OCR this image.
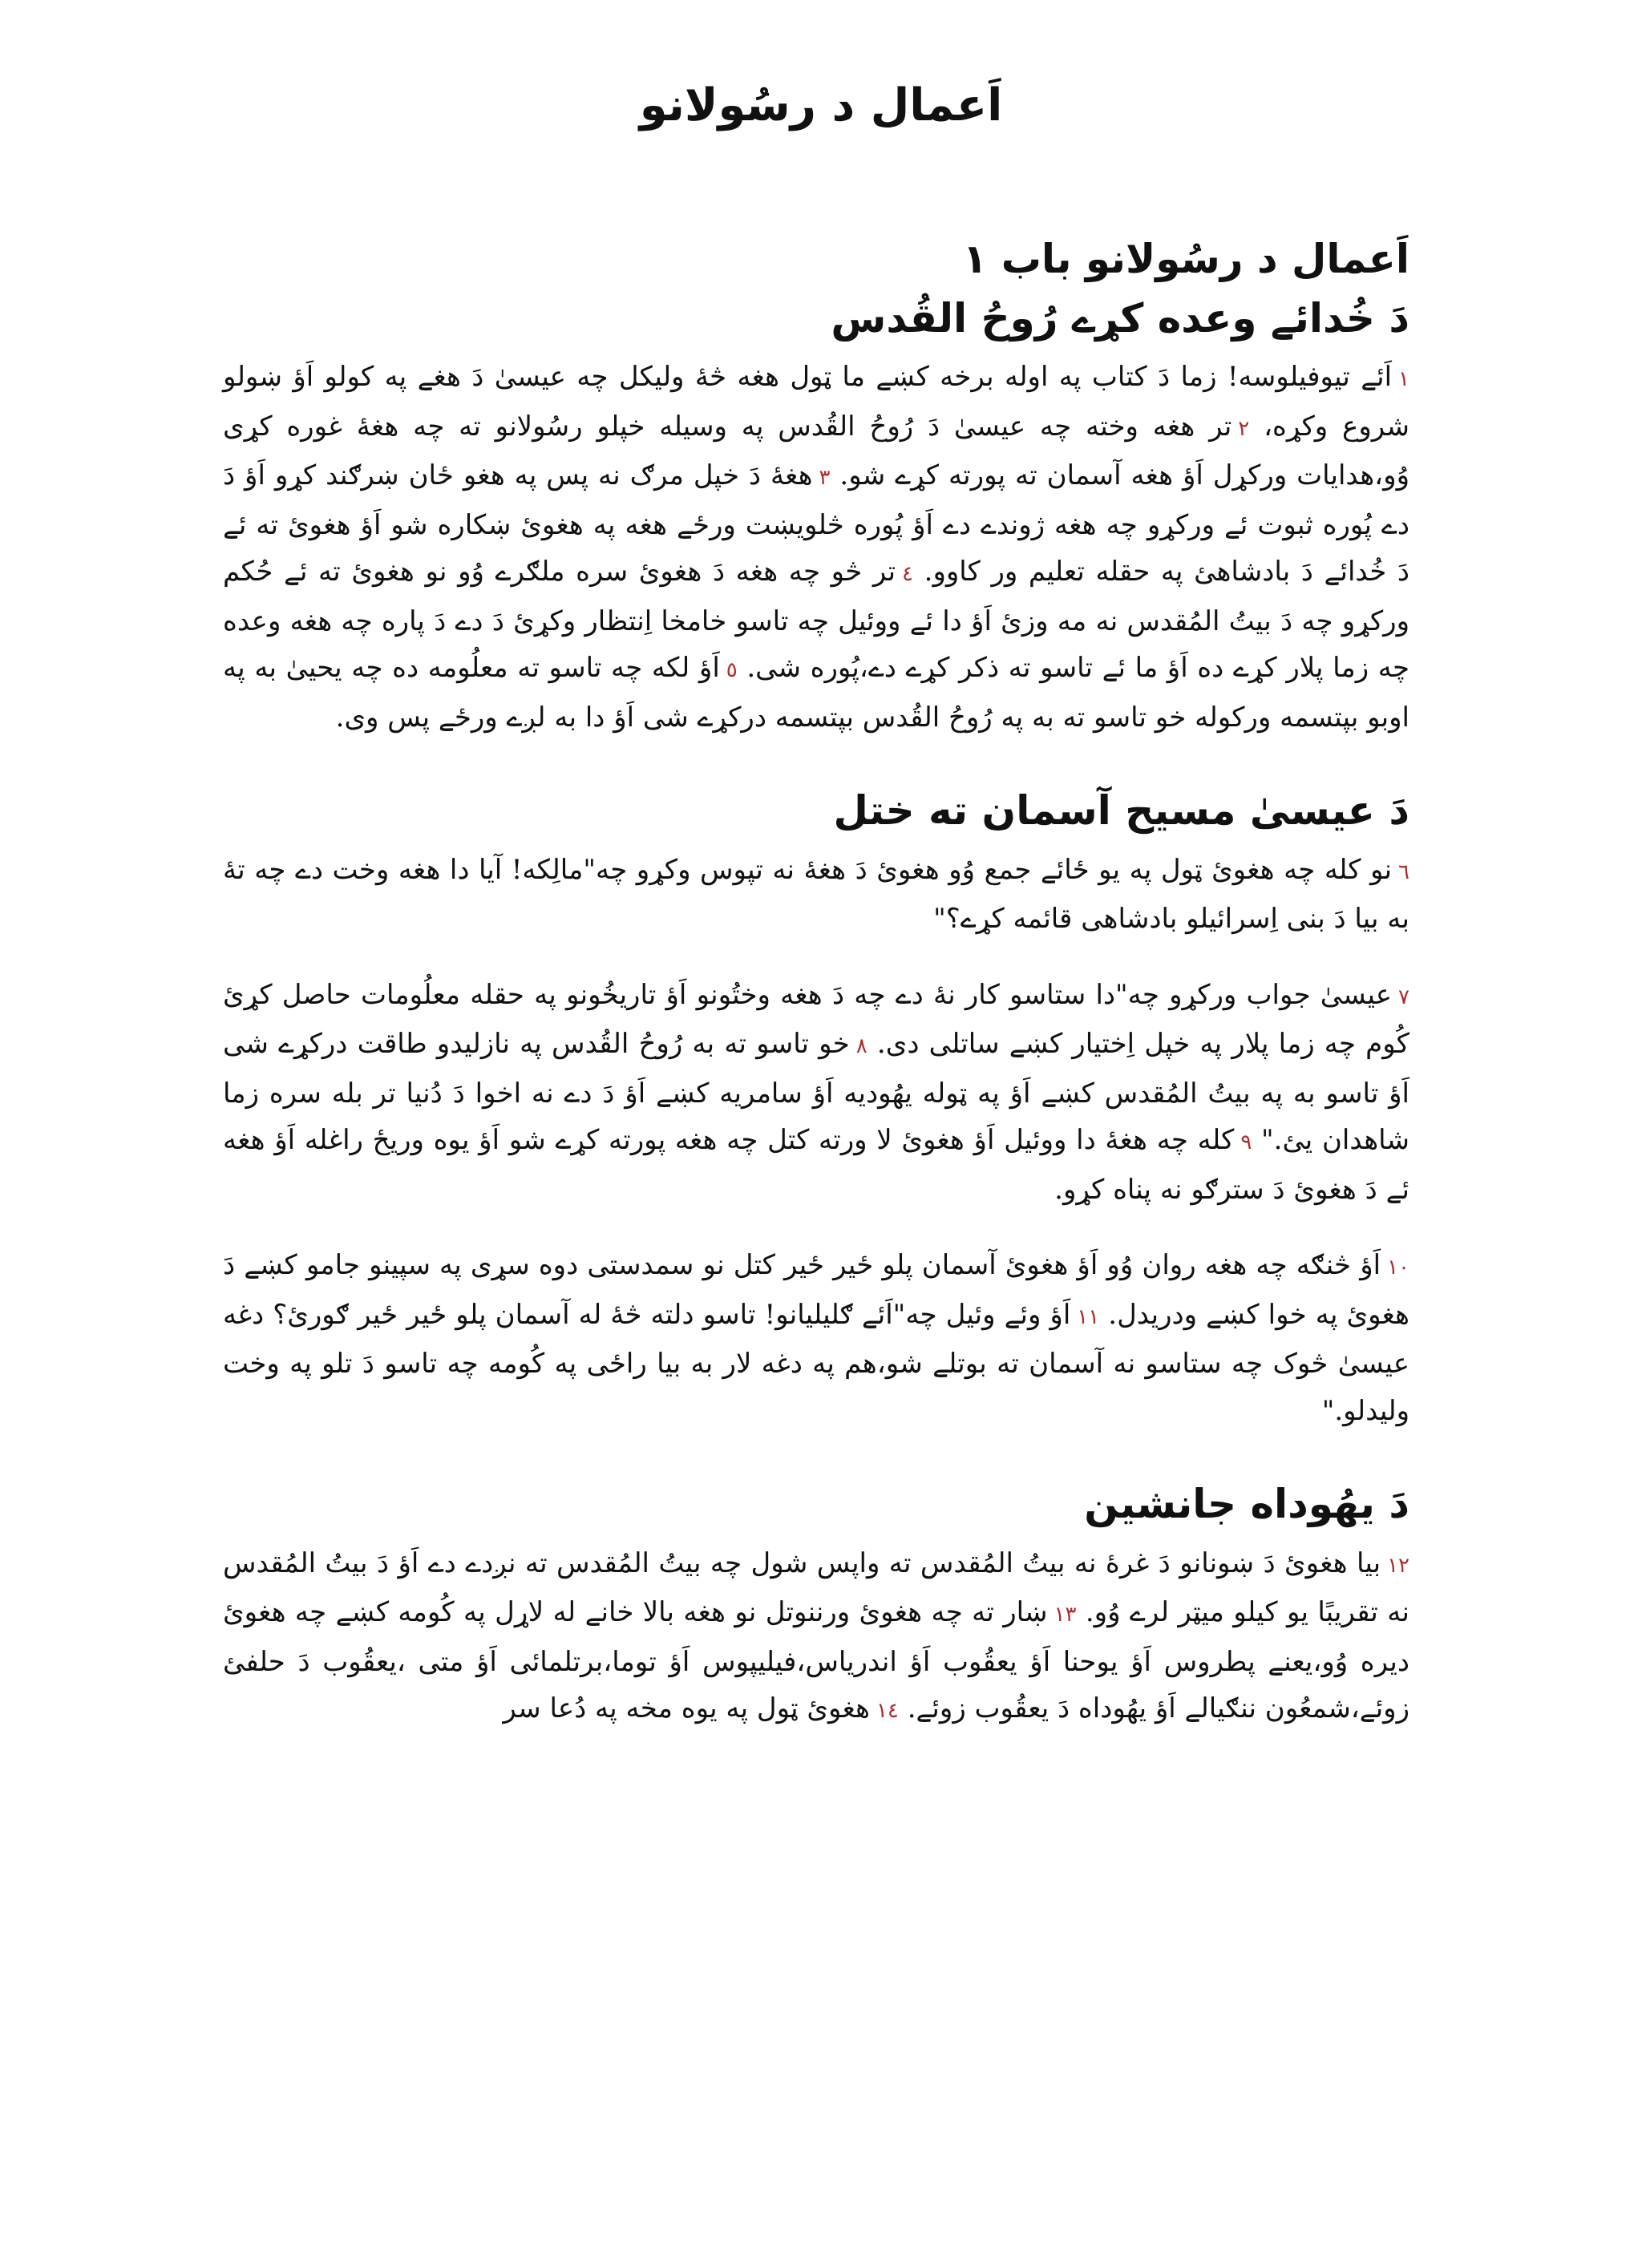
اَعمال د رسُولانو
اَعمال د رسُولانو باب ۱
دَ خُدائے وعده کړے رُوحُ القُدس

۱اَئے تیوفیلوسه! زما دَ کتاب په اوله برخه کښے ما ټول هغه څۀ ولیکل چه عیسیٰ دَ هغے په کولو اَؤ ښولو شروع وکړه، ۲تر هغه وخته چه عیسیٰ دَ رُوحُ القُدس په وسیله خپلو رسُولانو ته چه هغۀ غوره کړی وُو،هدایات ورکړل اَؤ هغه آسمان ته پورته کړے شو. ۳هغۀ دَ خپل مرګ نه پس په هغو ځان ښرګند کړو اَؤ دَ دے پُوره ثبوت ئے ورکړو چه هغه ژوندے دے اَؤ پُوره څلویښت ورځے هغه په هغوئ ښکاره شو اَؤ هغوئ ته ئے دَ خُدائے دَ بادشاهئ په حقله تعلیم ور کاوو. ٤تر څو چه هغه دَ هغوئ سره ملګرے وُو نو هغوئ ته ئے حُکم ورکړو چه دَ بیتُ المُقدس نه مه وزئ اَؤ دا ئے ووئیل چه تاسو خامخا اِنتظار وکړئ دَ دے دَ پاره چه هغه وعده چه زما پلار کړے ده اَؤ ما ئے تاسو ته ذکر کړے دے،پُوره شی. ٥اَؤ لکه چه تاسو ته معلُومه ده چه یحییٰ به په اوبو بپتسمه ورکوله خو تاسو ته به په رُوحُ القُدس بپتسمه درکړے شی اَؤ دا به لږے ورځے پس وی.

دَ عیسیٰ مسیح آسمان ته ختل

٦نو کله چه هغوئ ټول په یو ځائے جمع وُو هغوئ دَ هغۀ نه تپوس وکړو چه"مالِکه! آیا دا هغه وخت دے چه تۀ به بیا دَ بنی اِسرائیلو بادشاهی قائمه کړے؟"

۷عیسیٰ جواب ورکړو چه"دا ستاسو کار نۀ دے چه دَ هغه وختُونو اَؤ تاریخُونو په حقله معلُومات حاصل کړئ کُوم چه زما پلار په خپل اِختیار کښے ساتلی دی. ۸خو تاسو ته به رُوحُ القُدس په نازلیدو طاقت درکړے شی اَؤ تاسو به په بیتُ المُقدس کښے اَؤ په ټوله یهُودیه اَؤ سامریه کښے اَؤ دَ دے نه اخوا دَ دُنیا تر بله سره زما شاهدان یئ." ۹کله چه هغۀ دا ووئیل اَؤ هغوئ لا ورته کتل چه هغه پورته کړے شو اَؤ یوه وریځ راغله اَؤ هغه ئے دَ هغوئ دَ سترګو نه پناه کړو.

۱۰اَؤ څنګه چه هغه روان وُو اَؤ هغوئ آسمان پلو ځیر ځیر کتل نو سمدستی دوه سړی په سپینو جامو کښے دَ هغوئ په خوا کښے ودریدل. ۱۱اَؤ وئے وئیل چه"اَئے ګلیلیانو! تاسو دلته څۀ له آسمان پلو ځیر ځیر ګورئ؟ دغه عیسیٰ څوک چه ستاسو نه آسمان ته بوتلے شو،هم په دغه لار به بیا راځی په کُومه چه تاسو دَ تلو په وخت ولیدلو."

دَ یهُوداه جانشین

۱۲بیا هغوئ دَ ښونانو دَ غرۀ نه بیتُ المُقدس ته واپس شول چه بیتُ المُقدس ته نږدے دے اَؤ دَ بیتُ المُقدس نه تقریبًا یو کیلو میټر لرے وُو. ۱۳ښار ته چه هغوئ ورننوتل نو هغه بالا خانے له لاړل په کُومه کښے چه هغوئ دیره وُو،یعنے پطروس اَؤ یوحنا اَؤ یعقُوب اَؤ اندریاس،فیلیپوس اَؤ توما،برتلمائی اَؤ متی ،یعقُوب دَ حلفئ زوئے،شمعُون ننګیالے اَؤ یهُوداه دَ یعقُوب زوئے. ۱٤هغوئ ټول په یوه مخه په دُعا سر
